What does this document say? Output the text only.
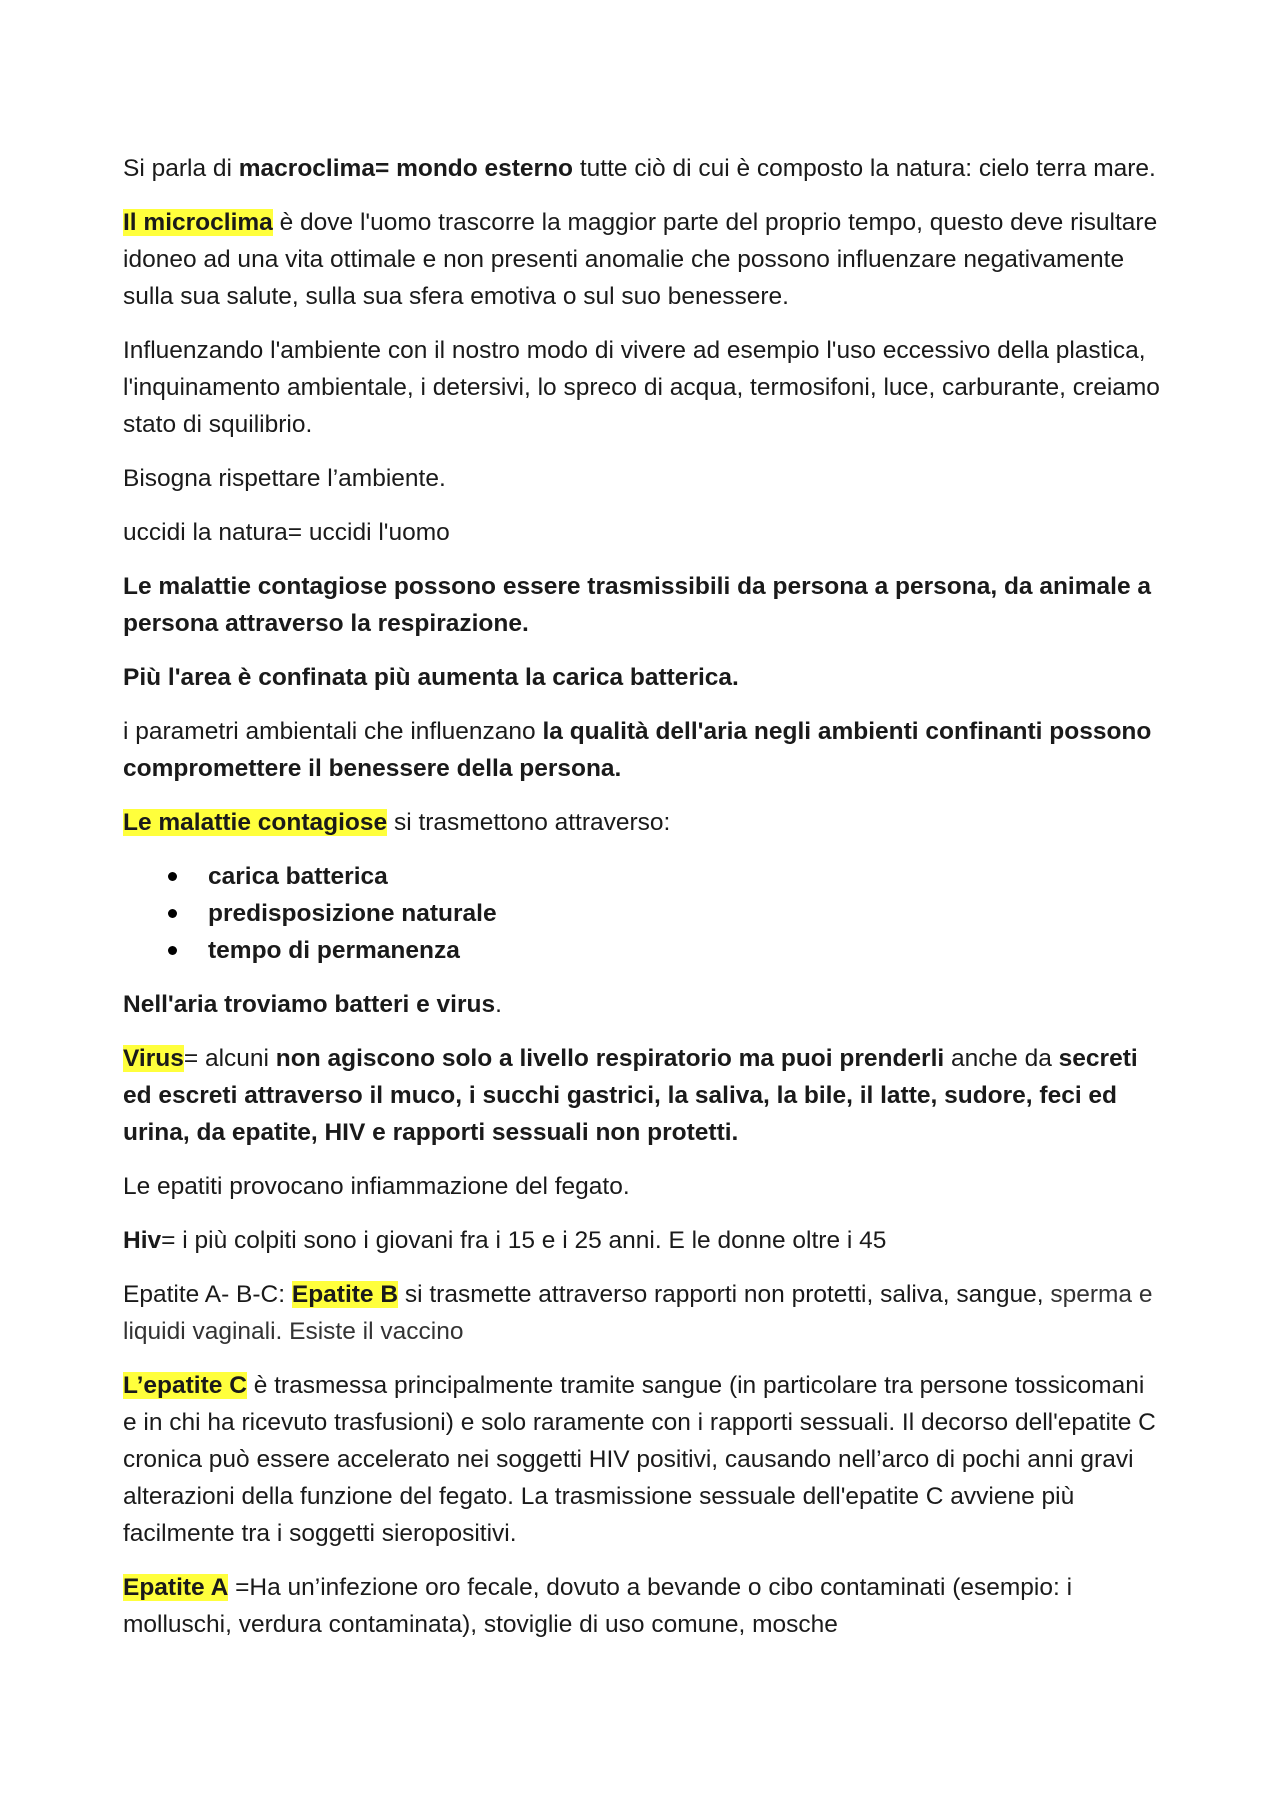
Si parla di macroclima= mondo esterno tutte ciò di cui è composto la natura: cielo terra mare.

Il microclima è dove l'uomo trascorre la maggior parte del proprio tempo, questo deve risultare idoneo ad una vita ottimale e non presenti anomalie che possono influenzare negativamente sulla sua salute, sulla sua sfera emotiva o sul suo benessere.

Influenzando l'ambiente con il nostro modo di vivere ad esempio l'uso eccessivo della plastica, l'inquinamento ambientale, i detersivi, lo spreco di acqua, termosifoni, luce, carburante, creiamo stato di squilibrio.

Bisogna rispettare l’ambiente.

uccidi la natura= uccidi l'uomo

Le malattie contagiose possono essere trasmissibili da persona a persona, da animale a persona attraverso la respirazione.

Più l'area è confinata più aumenta la carica batterica.

i parametri ambientali che influenzano la qualità dell'aria negli ambienti confinanti possono compromettere il benessere della persona.

Le malattie contagiose si trasmettono attraverso:

carica batterica
predisposizione naturale
tempo di permanenza

Nell'aria troviamo batteri e virus.

Virus= alcuni non agiscono solo a livello respiratorio ma puoi prenderli anche da secreti ed escreti attraverso il muco, i succhi gastrici, la saliva, la bile, il latte, sudore, feci ed urina, da epatite, HIV e rapporti sessuali non protetti.

Le epatiti provocano infiammazione del fegato.

Hiv= i più colpiti sono i giovani fra i 15 e i 25 anni. E le donne oltre i 45

Epatite A- B-C: Epatite B si trasmette attraverso rapporti non protetti, saliva, sangue, sperma e liquidi vaginali. Esiste il vaccino

L’epatite C è trasmessa principalmente tramite sangue (in particolare tra persone tossicomani e in chi ha ricevuto trasfusioni) e solo raramente con i rapporti sessuali. Il decorso dell'epatite C cronica può essere accelerato nei soggetti HIV positivi, causando nell’arco di pochi anni gravi alterazioni della funzione del fegato. La trasmissione sessuale dell'epatite C avviene più facilmente tra i soggetti sieropositivi.

Epatite A =Ha un’infezione oro fecale, dovuto a bevande o cibo contaminati (esempio: i molluschi, verdura contaminata), stoviglie di uso comune, mosche
